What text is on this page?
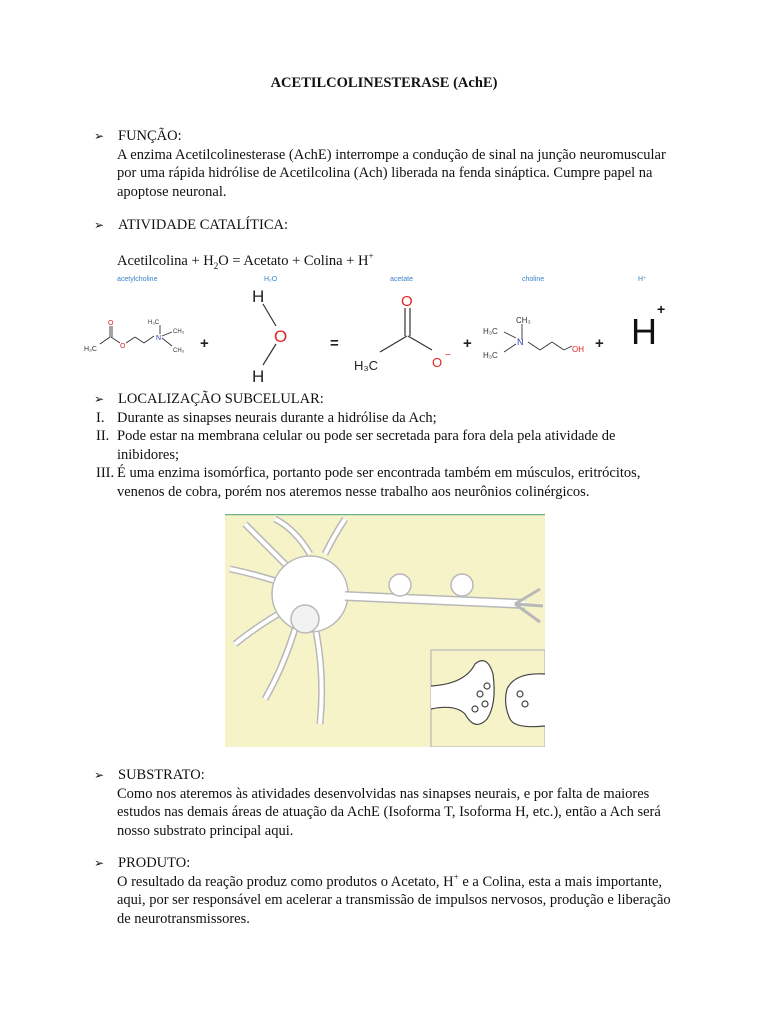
ACETILCOLINESTERASE (AchE)
➢ FUNÇÃO:
A enzima Acetilcolinesterase (AchE) interrompe a condução de sinal na junção neuromuscular
por uma rápida hidrólise de Acetilcolina (Ach) liberada na fenda sináptica. Cumpre papel na
apoptose neuronal.
➢ ATIVIDADE CATALÍTICA:
Acetilcolina + $H_2O$ = Acetato + Colina + H+
acetylcholine	H₂O	acetate	choline	H⁺
H₃C
O
O
N
H₃C
CH₃
CH₃ +
H
O
H
=
O
H₃C	O −
+
CH₃
H₃C
H₃C
N
OH + H
+
➢ LOCALIZAÇÃO SUBCELULAR:
I. Durante as sinapses neurais durante a hidrólise da Ach;
II. Pode estar na membrana celular ou pode ser secretada para fora dela pela atividade de
inibidores;
III. É uma enzima isomórfica, portanto pode ser encontrada também em músculos, eritrócitos,
venenos de cobra, porém nos ateremos nesse trabalho aos neurônios colinérgicos.
➢ SUBSTRATO:
Como nos ateremos às atividades desenvolvidas nas sinapses neurais, e por falta de maiores
estudos nas demais áreas de atuação da AchE (Isoforma T, Isoforma H, etc.), então a Ach será
nosso substrato principal aqui.
➢ PRODUTO:
O resultado da reação produz como produtos o Acetato, H+ e a Colina, esta a mais importante,
aqui, por ser responsável em acelerar a transmissão de impulsos nervosos, produção e liberação
de neurotransmissores.
